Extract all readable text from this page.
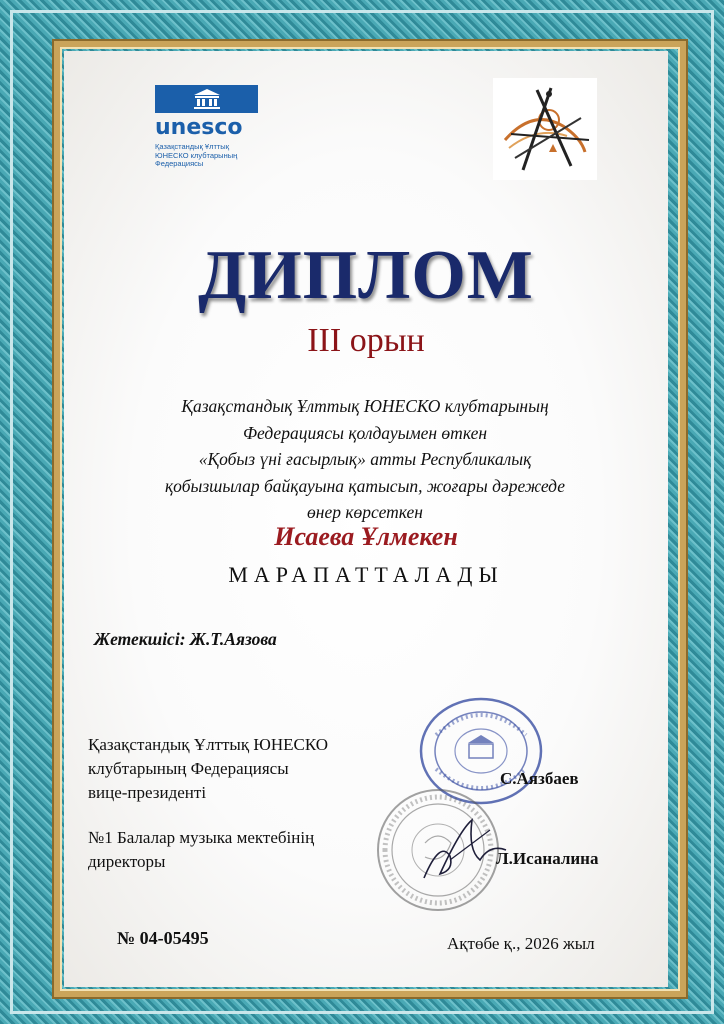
unesco
Қазақстандық Ұлттық
ЮНЕСКО клубтарының
Федерациясы
ДИПЛОМ
III орын
Қазақстандық Ұлттық ЮНЕСКО клубтарының
Федерациясы қолдауымен өткен
«Қобыз үні ғасырлық» атты Республикалық
қобызшылар байқауына қатысып, жоғары дәрежеде
өнер көрсеткен
Исаева Ұлмекен
МАРАПАТТАЛАДЫ
Жетекшісі: Ж.Т.Аязова
Қазақстандық Ұлттық ЮНЕСКО
клубтарының Федерациясы
вице-президенті
С.Аязбаев
№1 Балалар музыка мектебінің
директоры	Л.Исаналина
№ 04-05495	Ақтөбе қ., 2026 жыл
